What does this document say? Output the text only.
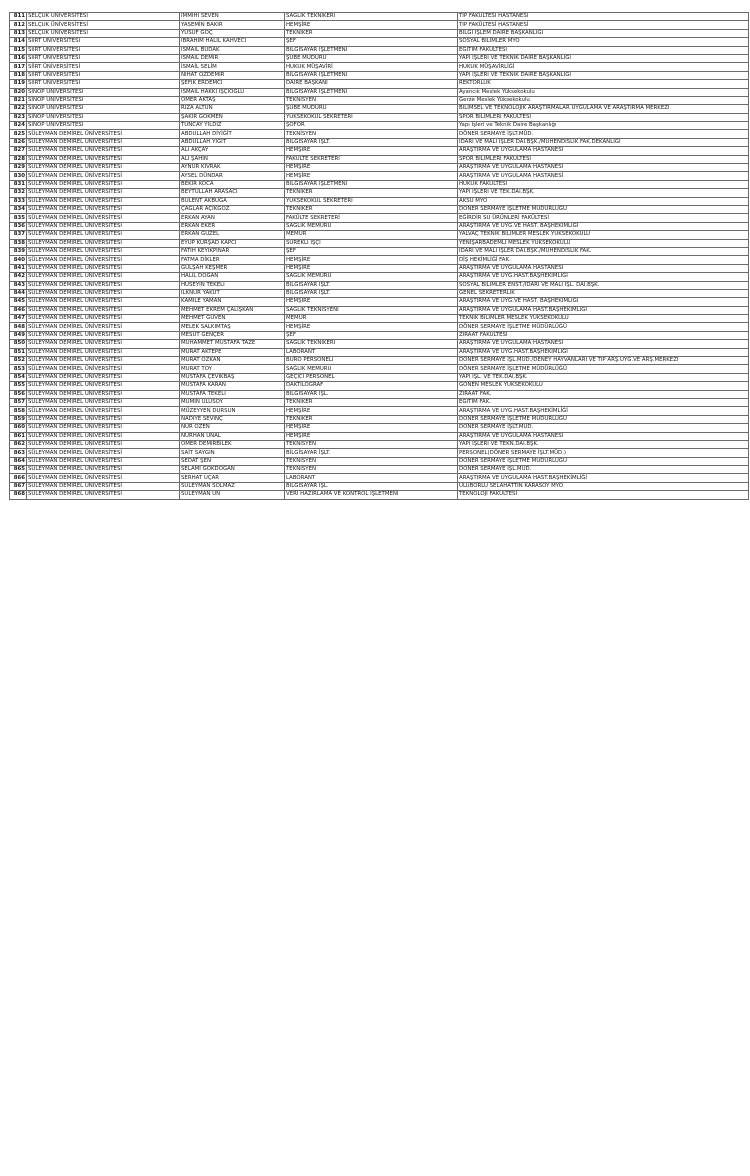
811	SELÇUK ÜNİVERSİTESİ	İMMİHİ SEVEN	SAĞLIK TEKNİKERİ	TIP FAKÜLTESİ HASTANESİ
812	SELÇUK ÜNİVERSİTESİ	YASEMİN BAKIR	HEMŞİRE	TIP FAKÜLTESİ HASTANESİ
813	SELÇUK ÜNİVERSİTESİ	YUSUF GÖÇ	TEKNİKER	BİLGİ İŞLEM DAİRE BAŞKANLIĞI
814	SİİRT ÜNİVERSİTESİ	İBRAHİM HALİL KAHVECİ	ŞEF	SOSYAL BİLİMLER MYO
815	SİİRT ÜNİVERSİTESİ	İSMAİL BUDAK	BİLGİSAYAR İŞLETMENİ	EĞİTİM FAKÜLTESİ
816	SİİRT ÜNİVERSİTESİ	İSMAİL DEMİR	ŞUBE MÜDÜRÜ	YAPI İŞLERİ VE TEKNİK DAİRE BAŞKANLIĞI
817	SİİRT ÜNİVERSİTESİ	İSMAİL SELİM	HUKUK MÜŞAVİRİ	HUKUK MÜŞAVİRLİĞİ
818	SİİRT ÜNİVERSİTESİ	NİHAT ÖZDEMİR	BİLGİSAYAR İŞLETMENİ	YAPI İŞLERİ VE TEKNİK DAİRE BAŞKANLIĞI
819	SİİRT ÜNİVERSİTESİ	ŞEFİK ERDEMCİ	DAİRE BAŞKANI	REKTÖRLÜK
820	SİNOP ÜNİVERSİTESİ	İSMAİL HAKKI İŞÇİOĞLU	BİLGİSAYAR İŞLETMENİ	Ayancık Meslek Yüksekokulu
821	SİNOP ÜNİVERSİTESİ	ÖMER AKTAŞ	TEKNİSYEN	Gerze Meslek Yüksekokulu
822	SİNOP ÜNİVERSİTESİ	RIZA ALTUN	ŞUBE MÜDÜRÜ	BİLİMSEL VE TEKNOLOJİK ARAŞTIRMALAR UYGULAMA VE ARAŞTIRMA MERKEZİ
823	SİNOP ÜNİVERSİTESİ	ŞAKİR GÖKMEN	YÜKSEKOKUL SEKRETERİ	SPOR BİLİMLERİ FAKÜLTESİ
824	SİNOP ÜNİVERSİTESİ	TUNCAY YILDIZ	ŞOFÖR	Yapı İşleri ve Teknik Daire Başkanlığı
825	SÜLEYMAN DEMİREL ÜNİVERSİTESİ	ABDULLAH DİYİĞİT	TEKNİSYEN	DÖNER SERMAYE İŞLT.MÜD.
826	SÜLEYMAN DEMİREL ÜNİVERSİTESİ	ABDULLAH YİĞİT	BİLGİSAYAR İŞLT.	İDARİ VE MALİ İŞLER DAİ.BŞK./MÜHENDİSLİK FAK.DEKANLIĞI
827	SÜLEYMAN DEMİREL ÜNİVERSİTESİ	ALİ AKÇAY	HEMŞİRE	ARAŞTIRMA VE UYGULAMA HASTANESİ
828	SÜLEYMAN DEMİREL ÜNİVERSİTESİ	ALİ ŞAHİN	FAKÜLTE SEKRETERİ	SPOR BİLİMLERİ FAKÜLTESİ
829	SÜLEYMAN DEMİREL ÜNİVERSİTESİ	AYNUR KIVRAK	HEMŞİRE	ARAŞTIRMA VE UYGULAMA HASTANESİ
830	SÜLEYMAN DEMİREL ÜNİVERSİTESİ	AYSEL DÜNDAR	HEMŞİRE	ARAŞTIRMA VE UYGULAMA HASTANESİ
831	SÜLEYMAN DEMİREL ÜNİVERSİTESİ	BEKİR KOCA	BİLGİSAYAR İŞLETMENİ	HUKUK FAKÜLTESİ
832	SÜLEYMAN DEMİREL ÜNİVERSİTESİ	BEYTULLAH ARASACI	TEKNİKER	YAPI İŞLERİ VE TEK.DAİ.BŞK.
833	SÜLEYMAN DEMİREL ÜNİVERSİTESİ	BÜLENT AKBUĞA	YÜKSEKOKUL SEKRETERİ	AKSU MYO
834	SÜLEYMAN DEMİREL ÜNİVERSİTESİ	ÇAĞLAR AÇIKGÖZ	TEKNİKER	DÖNER SERMAYE İŞLETME MÜDÜRLÜĞÜ
835	SÜLEYMAN DEMİREL ÜNİVERSİTESİ	ERKAN AYAN	FAKÜLTE SEKRETERİ	EĞİRDİR SU ÜRÜNLERİ FAKÜLTESİ
836	SÜLEYMAN DEMİREL ÜNİVERSİTESİ	ERKAN EKER	SAĞLIK MEMURU	ARAŞTIRMA VE UYG.VE HAST. BAŞHEKİMLİĞİ
837	SÜLEYMAN DEMİREL ÜNİVERSİTESİ	ERKAN GÜZEL	MEMUR	YALVAÇ TEKNİK BİLİMLER MESLEK YÜKSEKOKULU
838	SÜLEYMAN DEMİREL ÜNİVERSİTESİ	EYÜP KÜRŞAD KAPCI	SÜREKLİ İŞÇİ	YENİŞARBADEMLİ MESLEK YÜKSEKOKULU
839	SÜLEYMAN DEMİREL ÜNİVERSİTESİ	FATİH KEYİKPINAR	ŞEF	İDARİ VE MALİ İŞLER DAİ.BŞK./MÜHENDİSLİK FAK.
840	SÜLEYMAN DEMİREL ÜNİVERSİTESİ	FATMA DİKLER	HEMŞİRE	DİŞ HEKİMLİĞİ FAK.
841	SÜLEYMAN DEMİREL ÜNİVERSİTESİ	GÜLŞAH KEŞMER	HEMŞİRE	ARAŞTIRMA VE UYGULAMA HASTANESİ
842	SÜLEYMAN DEMİREL ÜNİVERSİTESİ	HALİL DOĞAN	SAĞLIK MEMURU	ARAŞTIRMA VE UYG.HAST.BAŞHEKİMLİĞİ
843	SÜLEYMAN DEMİREL ÜNİVERSİTESİ	HÜSEYİN TEKELİ	BİLGİSAYAR İŞLT.	SOSYAL BİLİMLER ENST./İDARİ VE MALİ İŞL. DAİ.BŞK.
844	SÜLEYMAN DEMİREL ÜNİVERSİTESİ	İLKNUR YAKUT	BİLGİSAYAR İŞLT.	GENEL SEKRETERLİK
845	SÜLEYMAN DEMİREL ÜNİVERSİTESİ	KAMİLE YAMAN	HEMŞİRE	ARAŞTIRMA VE UYG.VE HAST. BAŞHEKİMLİĞİ
846	SÜLEYMAN DEMİREL ÜNİVERSİTESİ	MEHMET EKREM ÇALIŞKAN	SAĞLIK TEKNİSYENİ	ARAŞTIRMA VE UYGULAMA HAST.BAŞHEKİMLİĞİ
847	SÜLEYMAN DEMİREL ÜNİVERSİTESİ	MEHMET GÜVEN	MEMUR	TEKNİK BİLİMLER MESLEK YÜKSEKOKULU
848	SÜLEYMAN DEMİREL ÜNİVERSİTESİ	MELEK SALKIMTAŞ	HEMŞİRE	DÖNER SERMAYE İŞLETME MÜDÜRLÜĞÜ
849	SÜLEYMAN DEMİREL ÜNİVERSİTESİ	MESUT GENÇER	ŞEF	ZİRAAT FAKÜLTESİ
850	SÜLEYMAN DEMİREL ÜNİVERSİTESİ	MUHAMMET MUSTAFA TAZE	SAĞLIK TEKNİKERİ	ARAŞTIRMA VE UYGULAMA HASTANESİ
851	SÜLEYMAN DEMİREL ÜNİVERSİTESİ	MURAT AKTEPE	LABORANT	ARAŞTIRMA VE UYG.HAST.BAŞHEKİMLİĞİ
852	SÜLEYMAN DEMİREL ÜNİVERSİTESİ	MURAT ÖZKAN	BÜRO PERSONELİ	DÖNER SERMAYE İŞL.MÜD./DENEY HAYVANLARI VE TIP ARŞ.UYG.VE ARŞ.MERKEZİ
853	SÜLEYMAN DEMİREL ÜNİVERSİTESİ	MURAT TOY	SAĞLIK MEMURU	DÖNER SERMAYE İŞLETME MÜDÜRLÜĞÜ
854	SÜLEYMAN DEMİREL ÜNİVERSİTESİ	MUSTAFA ÇEVİKBAŞ	GEÇİCİ PERSONEL	YAPI İŞL. VE TEK.DAİ.BŞK.
855	SÜLEYMAN DEMİREL ÜNİVERSİTESİ	MUSTAFA KARAN	DAKTİLOGRAF	GÖNEN MESLEK YÜKSEKOKULU
856	SÜLEYMAN DEMİREL ÜNİVERSİTESİ	MUSTAFA TEKELİ	BİLGİSAYAR İŞL.	ZİRAAT FAK.
857	SÜLEYMAN DEMİREL ÜNİVERSİTESİ	MÜMİN ULUSOY	TEKNİKER	EĞİTİM FAK.
858	SÜLEYMAN DEMİREL ÜNİVERSİTESİ	MÜZEYYEN DURSUN	HEMŞİRE	ARAŞTIRMA VE UYG.HAST.BAŞHEKİMLİĞİ
859	SÜLEYMAN DEMİREL ÜNİVERSİTESİ	NADİYE SEVİNÇ	TEKNİKER	DÖNER SERMAYE İŞLETME MÜDÜRLÜĞÜ
860	SÜLEYMAN DEMİREL ÜNİVERSİTESİ	NUR ÖZEN	HEMŞİRE	DÖNER SERMAYE İŞLT.MÜD.
861	SÜLEYMAN DEMİREL ÜNİVERSİTESİ	NURHAN ÜNAL	HEMŞİRE	ARAŞTIRMA VE UYGULAMA HASTANESİ
862	SÜLEYMAN DEMİREL ÜNİVERSİTESİ	ÖMER DEMİRBİLEK	TEKNİSYEN	YAPI İŞLERİ VE TEKN.DAİ.BŞK.
863	SÜLEYMAN DEMİREL ÜNİVERSİTESİ	SAİT SAYGIN	BİLGİSAYAR İŞLT.	PERSONEL(DÖNER SERMAYE İŞLT.MÜD.)
864	SÜLEYMAN DEMİREL ÜNİVERSİTESİ	SEDAT ŞEN	TEKNİSYEN	DÖNER SERMAYE İŞLETME MÜDÜRLÜĞÜ
865	SÜLEYMAN DEMİREL ÜNİVERSİTESİ	SELAMİ GÖKDOĞAN	TEKNİSYEN	DÖNER SERMAYE İŞL.MÜD.
866	SÜLEYMAN DEMİREL ÜNİVERSİTESİ	SERHAT UÇAR	LABORANT	ARAŞTIRMA VE UYGULAMA HAST.BAŞHEKİMLİĞİ
867	SÜLEYMAN DEMİREL ÜNİVERSİTESİ	SÜLEYMAN SOLMAZ	BİLGİSAYAR İŞL.	ULUBORLU SELAHATTİN KARASOY MYO
868	SÜLEYMAN DEMİREL ÜNİVERSİTESİ	SÜLEYMAN ÜN	VERİ HAZIRLAMA VE KONTROL İŞLETMENİ	TEKNOLOJİ FAKÜLTESİ
